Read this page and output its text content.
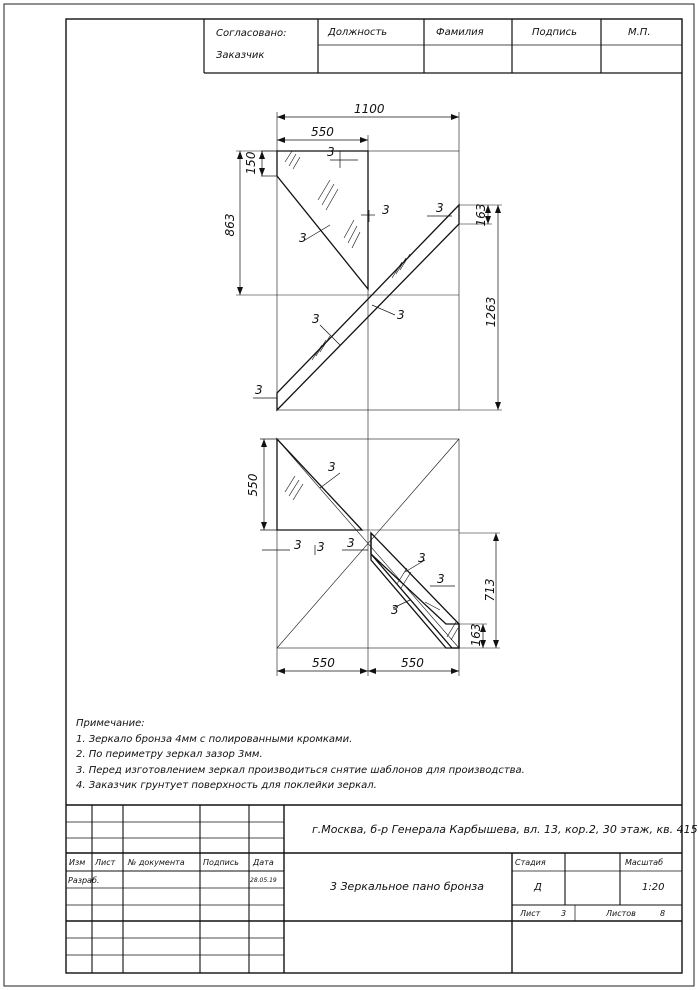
Согласовано:
Заказчик
Должность	Фамилия	Подпись	М.П.
1100
550
150
863
1263
163
3
3
3
3
3	3
3
550
3
3 3 3
3
3
3
713
163
550	550
Примечание:
1. Зеркало бронза 4мм с полированными кромками.
2. По периметру зеркал зазор 3мм.
3. Перед изготовлением зеркал производиться снятие шаблонов для производства.
4. Заказчик грунтует поверхность для поклейки зеркал.
г.Москва, б-р Генерала Карбышева, вл. 13, кор.2, 30 этаж, кв. 415
Изм Лист № документа Подпись Дата
Разраб.	28.05.19	3 Зеркальное пано бронза
Стадия
Д
Масштаб
1:20
Лист	3	Листов	8
